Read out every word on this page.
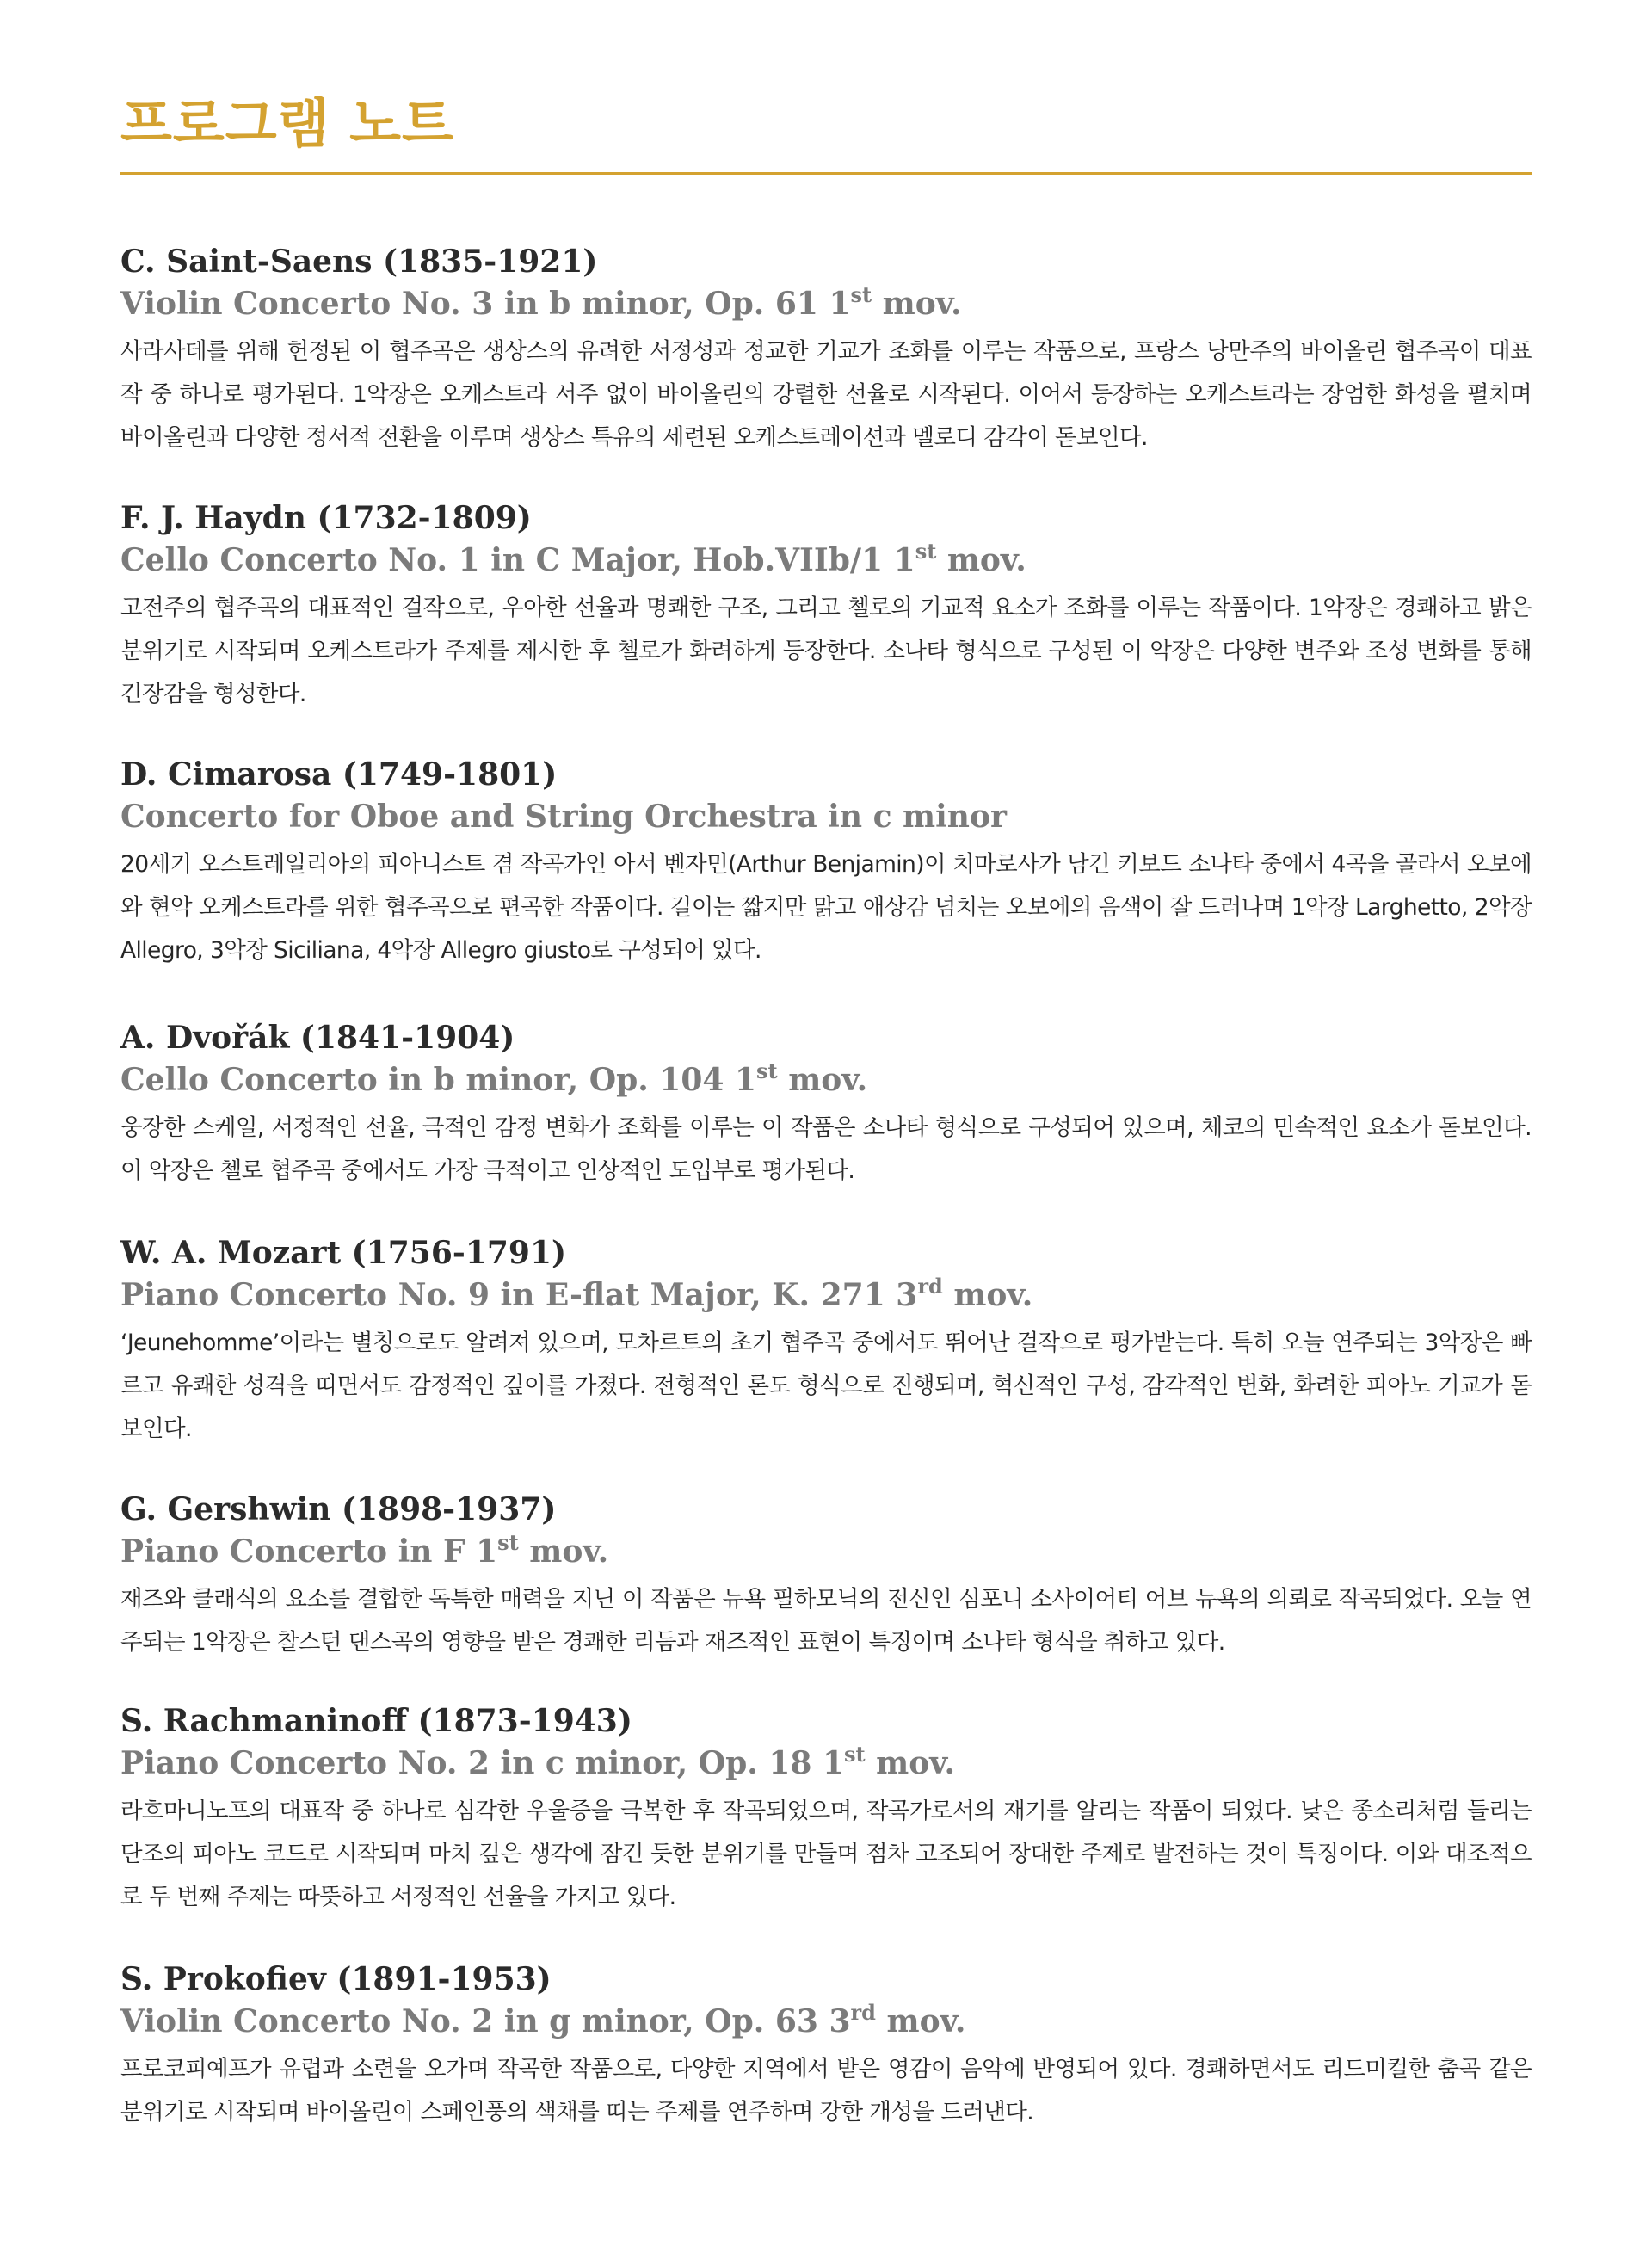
프로그램 노트

C. Saint-Saens (1835-1921)

Violin Concerto No. 3 in b minor, Op. 61 1st mov.

사라사테를 위해 헌정된 이 협주곡은 생상스의 유려한 서정성과 정교한 기교가 조화를 이루는 작품으로, 프랑스 낭만주의 바이올린 협주곡이 대표작 중 하나로 평가된다. 1악장은 오케스트라 서주 없이 바이올린의 강렬한 선율로 시작된다. 이어서 등장하는 오케스트라는 장엄한 화성을 펼치며 바이올린과 다양한 정서적 전환을 이루며 생상스 특유의 세련된 오케스트레이션과 멜로디 감각이 돋보인다.

F. J. Haydn (1732-1809)

Cello Concerto No. 1 in C Major, Hob.VIIb/1 1st mov.

고전주의 협주곡의 대표적인 걸작으로, 우아한 선율과 명쾌한 구조, 그리고 첼로의 기교적 요소가 조화를 이루는 작품이다. 1악장은 경쾌하고 밝은 분위기로 시작되며 오케스트라가 주제를 제시한 후 첼로가 화려하게 등장한다. 소나타 형식으로 구성된 이 악장은 다양한 변주와 조성 변화를 통해 긴장감을 형성한다.

D. Cimarosa (1749-1801)

Concerto for Oboe and String Orchestra in c minor

20세기 오스트레일리아의 피아니스트 겸 작곡가인 아서 벤자민(Arthur Benjamin)이 치마로사가 남긴 키보드 소나타 중에서 4곡을 골라서 오보에와 현악 오케스트라를 위한 협주곡으로 편곡한 작품이다. 길이는 짧지만 맑고 애상감 넘치는 오보에의 음색이 잘 드러나며 1악장 Larghetto, 2악장 Allegro, 3악장 Siciliana, 4악장 Allegro giusto로 구성되어 있다.

A. Dvořák (1841-1904)

Cello Concerto in b minor, Op. 104 1st mov.

웅장한 스케일, 서정적인 선율, 극적인 감정 변화가 조화를 이루는 이 작품은 소나타 형식으로 구성되어 있으며, 체코의 민속적인 요소가 돋보인다. 이 악장은 첼로 협주곡 중에서도 가장 극적이고 인상적인 도입부로 평가된다.

W. A. Mozart (1756-1791)

Piano Concerto No. 9 in E-flat Major, K. 271 3rd mov.

‘Jeunehomme’이라는 별칭으로도 알려져 있으며, 모차르트의 초기 협주곡 중에서도 뛰어난 걸작으로 평가받는다. 특히 오늘 연주되는 3악장은 빠르고 유쾌한 성격을 띠면서도 감정적인 깊이를 가졌다. 전형적인 론도 형식으로 진행되며, 혁신적인 구성, 감각적인 변화, 화려한 피아노 기교가 돋보인다.

G. Gershwin (1898-1937)

Piano Concerto in F 1st mov.

재즈와 클래식의 요소를 결합한 독특한 매력을 지닌 이 작품은 뉴욕 필하모닉의 전신인 심포니 소사이어티 어브 뉴욕의 의뢰로 작곡되었다. 오늘 연주되는 1악장은 찰스턴 댄스곡의 영향을 받은 경쾌한 리듬과 재즈적인 표현이 특징이며 소나타 형식을 취하고 있다.

S. Rachmaninoff (1873-1943)

Piano Concerto No. 2 in c minor, Op. 18 1st mov.

라흐마니노프의 대표작 중 하나로 심각한 우울증을 극복한 후 작곡되었으며, 작곡가로서의 재기를 알리는 작품이 되었다. 낮은 종소리처럼 들리는 단조의 피아노 코드로 시작되며 마치 깊은 생각에 잠긴 듯한 분위기를 만들며 점차 고조되어 장대한 주제로 발전하는 것이 특징이다. 이와 대조적으로 두 번째 주제는 따뜻하고 서정적인 선율을 가지고 있다.

S. Prokofiev (1891-1953)

Violin Concerto No. 2 in g minor, Op. 63 3rd mov.

프로코피예프가 유럽과 소련을 오가며 작곡한 작품으로, 다양한 지역에서 받은 영감이 음악에 반영되어 있다. 경쾌하면서도 리드미컬한 춤곡 같은 분위기로 시작되며 바이올린이 스페인풍의 색채를 띠는 주제를 연주하며 강한 개성을 드러낸다.
